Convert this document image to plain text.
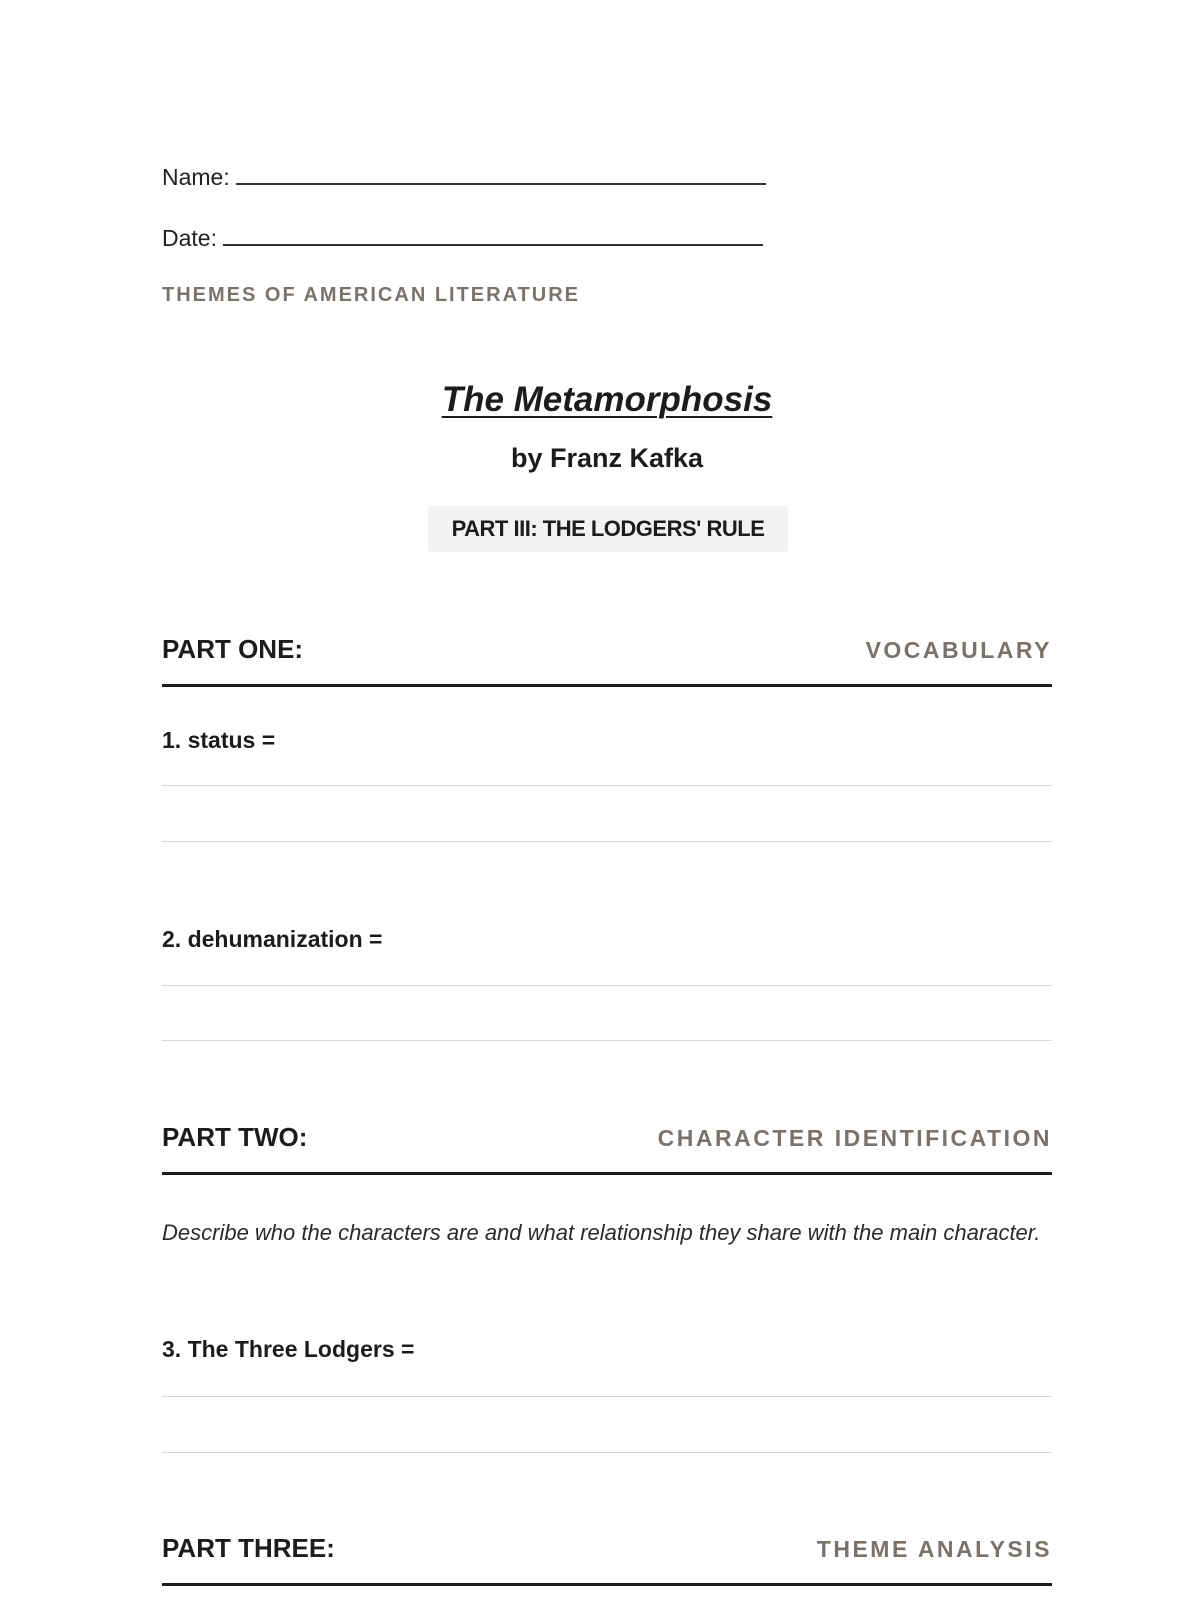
Name:
Date:
THEMES OF AMERICAN LITERATURE
The Metamorphosis
by Franz Kafka
PART III: THE LODGERS' RULE
PART ONE:	VOCABULARY
1. status =
2. dehumanization =
PART TWO:	CHARACTER IDENTIFICATION
Describe who the characters are and what relationship they share with the main character.
3. The Three Lodgers =
PART THREE:	THEME ANALYSIS
